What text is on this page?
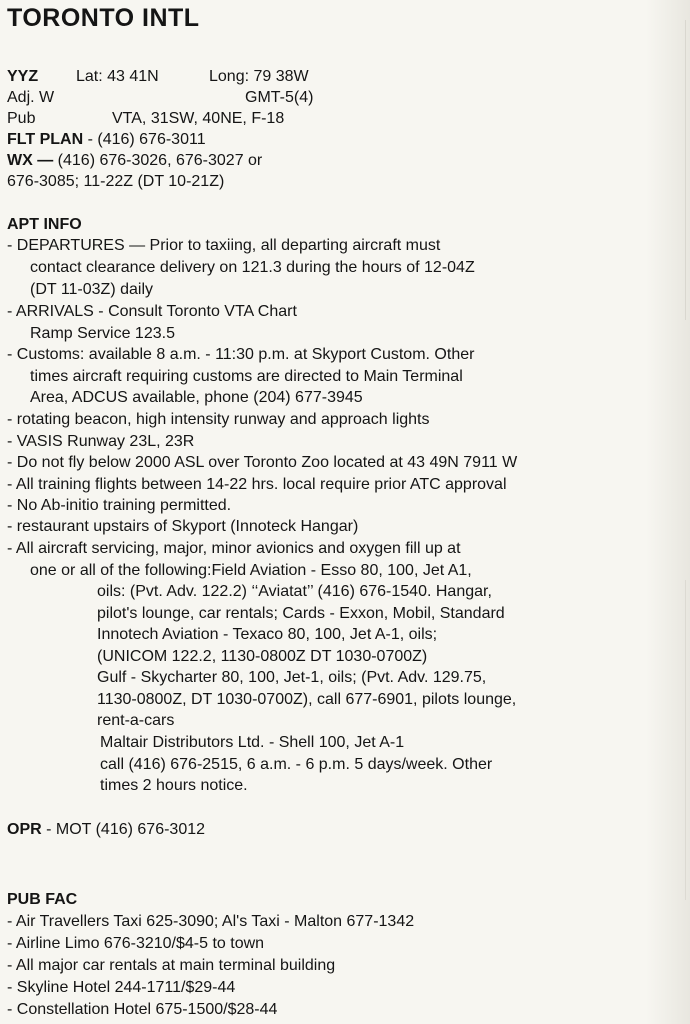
TORONTO INTL
YYZ Lat: 43 41N	Long: 79 38W
Adj. W	GMT-5(4)
Pub	VTA, 31SW, 40NE, F-18
FLT PLAN - (416) 676-3011
WX — (416) 676-3026, 676-3027 or
676-3085; 11-22Z (DT 10-21Z)
APT INFO
- DEPARTURES — Prior to taxiing, all departing aircraft must
contact clearance delivery on 121.3 during the hours of 12-04Z
(DT 11-03Z) daily
- ARRIVALS - Consult Toronto VTA Chart
Ramp Service 123.5
- Customs: available 8 a.m. - 11:30 p.m. at Skyport Custom. Other
times aircraft requiring customs are directed to Main Terminal
Area, ADCUS available, phone (204) 677-3945
- rotating beacon, high intensity runway and approach lights
- VASIS Runway 23L, 23R
- Do not fly below 2000 ASL over Toronto Zoo located at 43 49N 7911 W
- All training flights between 14-22 hrs. local require prior ATC approval
- No Ab-initio training permitted.
- restaurant upstairs of Skyport (Innoteck Hangar)
- All aircraft servicing, major, minor avionics and oxygen fill up at
one or all of the following:Field Aviation - Esso 80, 100, Jet A1,
oils: (Pvt. Adv. 122.2) ‘‘Aviatat’’ (416) 676-1540. Hangar,
pilot's lounge, car rentals; Cards - Exxon, Mobil, Standard
Innotech Aviation - Texaco 80, 100, Jet A-1, oils;
(UNICOM 122.2, 1130-0800Z DT 1030-0700Z)
Gulf - Skycharter 80, 100, Jet-1, oils; (Pvt. Adv. 129.75,
1130-0800Z, DT 1030-0700Z), call 677-6901, pilots lounge,
rent-a-cars
Maltair Distributors Ltd. - Shell 100, Jet A-1
call (416) 676-2515, 6 a.m. - 6 p.m. 5 days/week. Other
times 2 hours notice.
OPR - MOT (416) 676-3012
PUB FAC
- Air Travellers Taxi 625-3090; Al's Taxi - Malton 677-1342
- Airline Limo 676-3210/$4-5 to town
- All major car rentals at main terminal building
- Skyline Hotel 244-1711/$29-44
- Constellation Hotel 675-1500/$28-44
